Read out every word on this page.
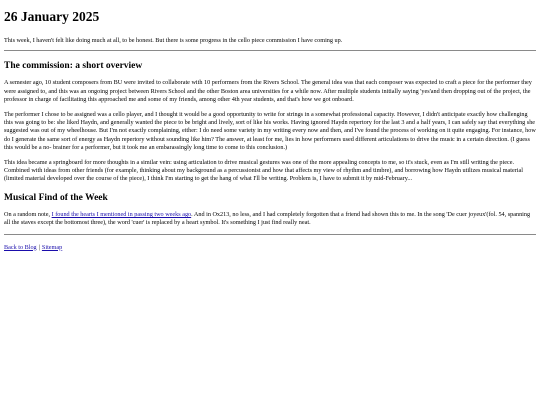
26 January 2025

This week, I haven't felt like doing much at all, to be honest. But there is some progress in the cello piece commission I have coming up.

The commission: a short overview

A semester ago, 10 student composers from BU were invited to collaborate with 10 performers from the Rivers School. The general idea was that each composer was expected to craft a piece for the performer they were assigned to, and this was an ongoing project between Rivers School and the other Boston area universities for a while now. After multiple students initially saying 'yes'and then dropping out of the project, the professor in charge of facilitating this approached me and some of my friends, among other 4th year students, and that's how we got onboard.

The performer I chose to be assigned was a cello player, and I thought it would be a good opportunity to write for strings in a somewhat professional capacity. However, I didn't anticipate exactly how challenging this was going to be: she liked Haydn, and generally wanted the piece to be bright and lively, sort of like his works. Having ignored Haydn repertory for the last 3 and a half years, I can safely say that everything she suggested was out of my wheelhouse. But I'm not exactly complaining, either: I do need some variety in my writing every now and then, and I've found the process of working on it quite engaging. For instance, how do I generate the same sort of energy as Haydn repertory without sounding like him? The answer, at least for me, lies in how performers used different articulations to drive the music in a certain direction. (I guess this would be a no- brainer for a performer, but it took me an embarassingly long time to come to this conclusion.)

This idea became a springboard for more thoughts in a similar vein: using articulation to drive musical gestures was one of the more appealing concepts to me, so it's stuck, even as I'm still writing the piece. Combined with ideas from other friends (for example, thinking about my background as a percussionist and how that affects my view of rhythm and timbre), and borrowing how Haydn utilizes musical material (limited material developed over the course of the piece), I think I'm starting to get the hang of what I'll be writing. Problem is, I have to submit it by mid-February...

Musical Find of the Week

On a random note, I found the hearts I mentioned in passing two weeks ago. And in Ox213, no less, and I had completely forgotten that a friend had shown this to me. In the song 'De cuer joyeux'(fol. 54, spanning all the staves except the bottomost three), the word 'cuer' is replaced by a heart symbol. It's something I just find really neat.

Back to Blog | Sitemap
